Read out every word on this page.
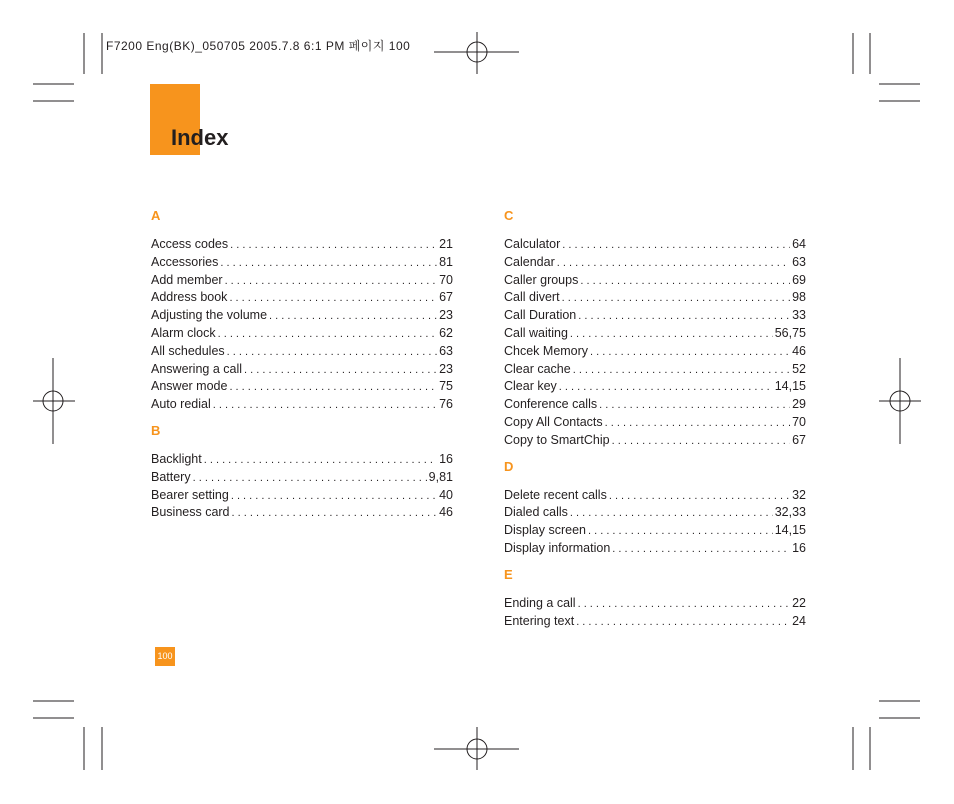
F7200 Eng(BK)_050705 2005.7.8 6:1 PM 페이지 100
Index
A
Access codes . . .	21
Accessories . . .	81
Add member . . .	70
Address book . . .	67
Adjusting the volume . . .	23
Alarm clock . . .	62
All schedules . . .	63
Answering a call . . .	23
Answer mode . . .	75
Auto redial . . .	76
B
Backlight . . .	16
Battery . . .	9,81
Bearer setting . . .	40
Business card . . .	46
C
Calculator . . .	64
Calendar . . .	63
Caller groups . . .	69
Call divert . . .	98
Call Duration . . .	33
Call waiting . . .	56,75
Chcek Memory . . .	46
Clear cache . . .	52
Clear key . . .	14,15
Conference calls . . .	29
Copy All Contacts . . .	70
Copy to SmartChip . . .	67
D
Delete recent calls . . .	32
Dialed calls . . .	32,33
Display screen . . .	14,15
Display information . . .	16
E
Ending a call . . .	22
Entering text . . .	24
100
